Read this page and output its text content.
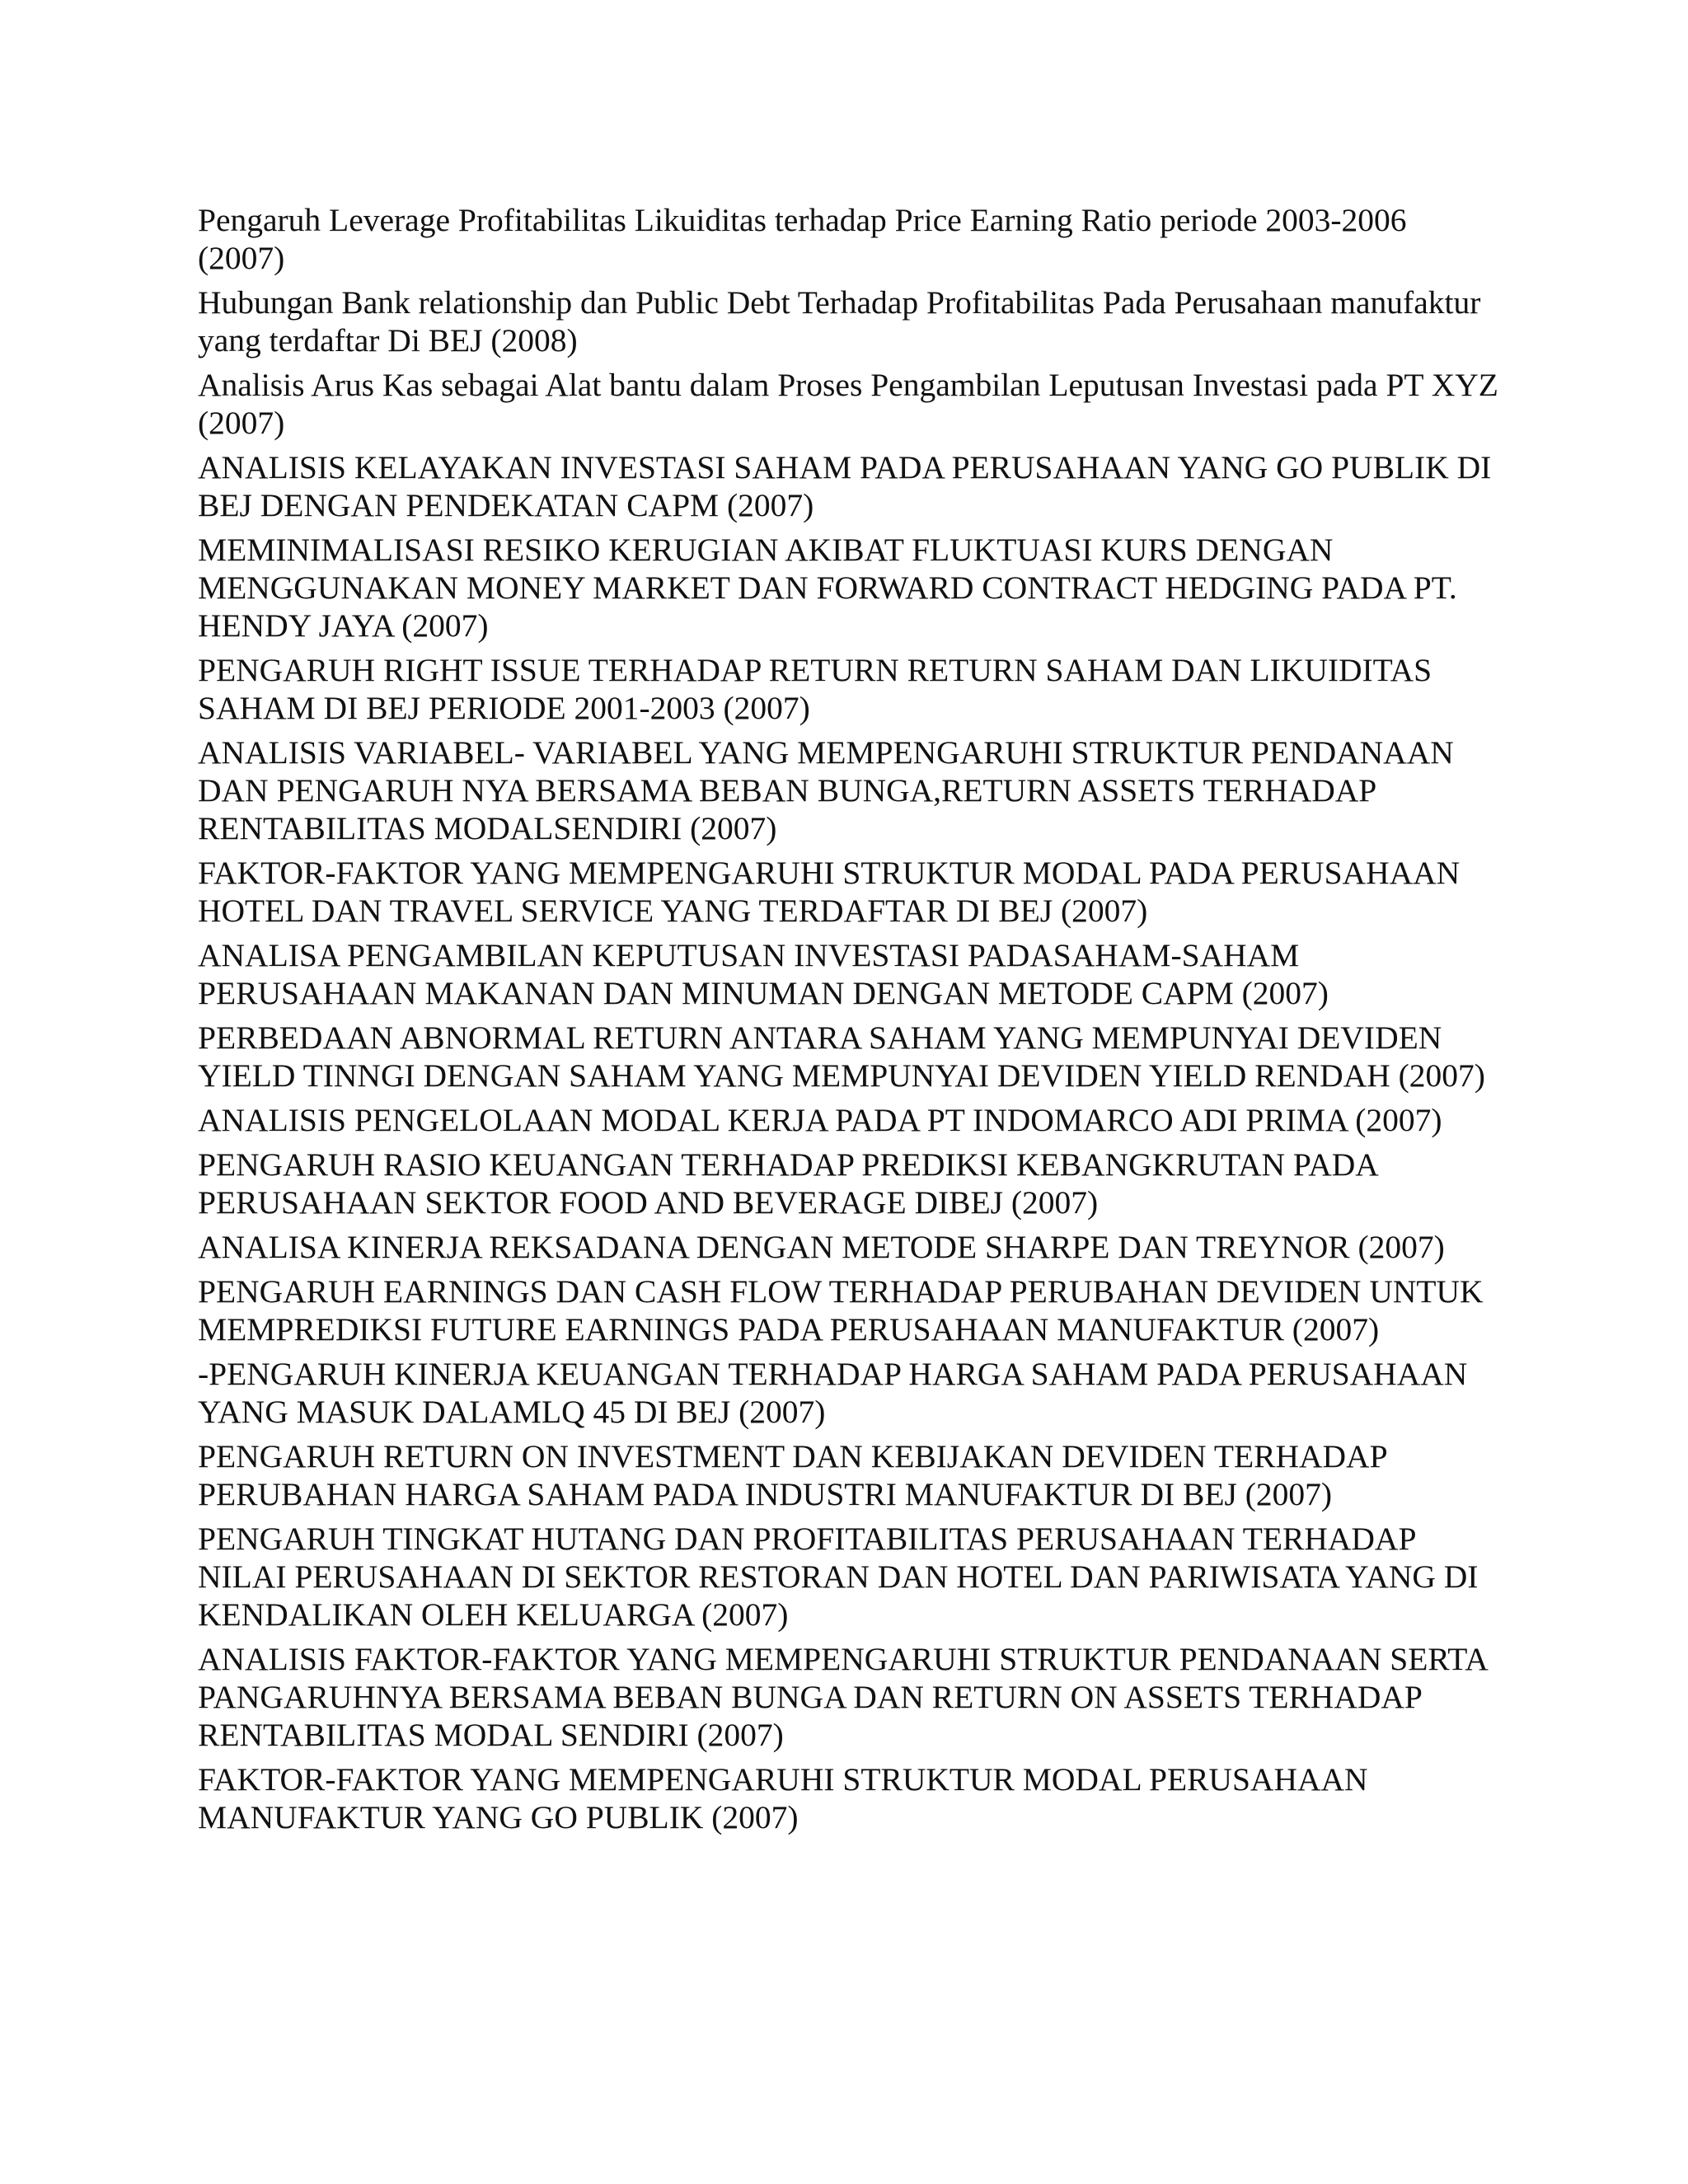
Pengaruh Leverage Profitabilitas Likuiditas terhadap Price Earning Ratio periode 2003-2006 (2007)
Hubungan Bank relationship dan Public Debt Terhadap Profitabilitas Pada Perusahaan manufaktur yang terdaftar Di BEJ (2008)
Analisis Arus Kas sebagai Alat bantu dalam Proses Pengambilan Leputusan Investasi pada PT XYZ (2007)
ANALISIS KELAYAKAN INVESTASI SAHAM PADA PERUSAHAAN YANG GO PUBLIK DI BEJ DENGAN PENDEKATAN CAPM (2007)
MEMINIMALISASI RESIKO KERUGIAN AKIBAT FLUKTUASI KURS DENGAN MENGGUNAKAN MONEY MARKET DAN FORWARD CONTRACT HEDGING PADA PT. HENDY JAYA (2007)
PENGARUH RIGHT ISSUE TERHADAP RETURN RETURN SAHAM DAN LIKUIDITAS SAHAM DI BEJ PERIODE 2001-2003 (2007)
ANALISIS VARIABEL- VARIABEL YANG MEMPENGARUHI STRUKTUR PENDANAAN DAN PENGARUH NYA BERSAMA BEBAN BUNGA,RETURN ASSETS TERHADAP RENTABILITAS MODALSENDIRI (2007)
FAKTOR-FAKTOR YANG MEMPENGARUHI STRUKTUR MODAL PADA PERUSAHAAN HOTEL DAN TRAVEL SERVICE YANG TERDAFTAR DI BEJ (2007)
ANALISA PENGAMBILAN KEPUTUSAN INVESTASI PADASAHAM-SAHAM PERUSAHAAN MAKANAN DAN MINUMAN DENGAN METODE CAPM (2007)
PERBEDAAN ABNORMAL RETURN ANTARA SAHAM YANG MEMPUNYAI DEVIDEN YIELD TINNGI DENGAN SAHAM YANG MEMPUNYAI DEVIDEN YIELD RENDAH (2007)
ANALISIS PENGELOLAAN MODAL KERJA PADA PT INDOMARCO ADI PRIMA (2007)
PENGARUH RASIO KEUANGAN TERHADAP PREDIKSI KEBANGKRUTAN PADA PERUSAHAAN SEKTOR FOOD AND BEVERAGE DIBEJ (2007)
ANALISA KINERJA REKSADANA DENGAN METODE SHARPE DAN TREYNOR (2007)
PENGARUH EARNINGS DAN CASH FLOW TERHADAP PERUBAHAN DEVIDEN UNTUK MEMPREDIKSI FUTURE EARNINGS PADA PERUSAHAAN MANUFAKTUR (2007)
-PENGARUH KINERJA KEUANGAN TERHADAP HARGA SAHAM PADA PERUSAHAAN YANG MASUK DALAMLQ 45 DI BEJ (2007)
PENGARUH RETURN ON INVESTMENT DAN KEBIJAKAN DEVIDEN TERHADAP PERUBAHAN HARGA SAHAM PADA INDUSTRI MANUFAKTUR DI BEJ (2007)
PENGARUH TINGKAT HUTANG DAN PROFITABILITAS PERUSAHAAN TERHADAP NILAI PERUSAHAAN DI SEKTOR RESTORAN DAN HOTEL DAN PARIWISATA YANG DI KENDALIKAN OLEH KELUARGA (2007)
ANALISIS FAKTOR-FAKTOR YANG MEMPENGARUHI STRUKTUR PENDANAAN SERTA PANGARUHNYA BERSAMA BEBAN BUNGA DAN RETURN ON ASSETS TERHADAP RENTABILITAS MODAL SENDIRI (2007)
FAKTOR-FAKTOR YANG MEMPENGARUHI STRUKTUR MODAL PERUSAHAAN MANUFAKTUR YANG GO PUBLIK (2007)
